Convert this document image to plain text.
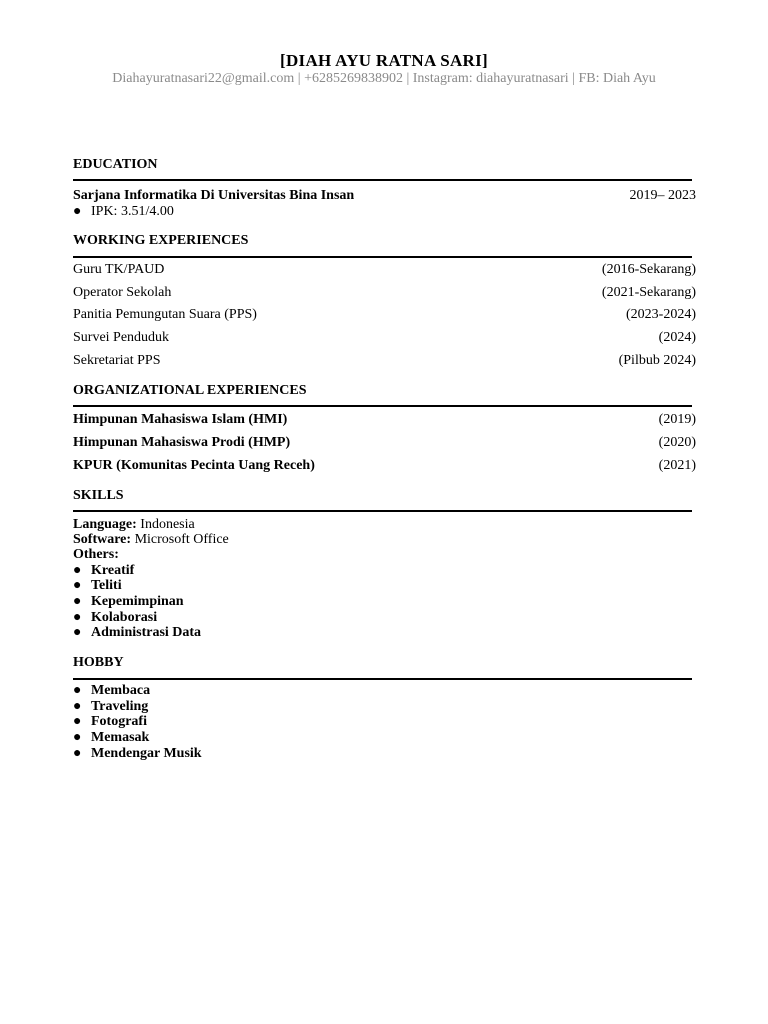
[DIAH AYU RATNA SARI]
Diahayuratnasari22@gmail.com | +6285269838902 | Instagram: diahayuratnasari | FB: Diah Ayu
EDUCATION
Sarjana Informatika Di Universitas Bina Insan	2019– 2023
● IPK: 3.51/4.00
WORKING EXPERIENCES
Guru TK/PAUD	(2016-Sekarang)
Operator Sekolah	(2021-Sekarang)
Panitia Pemungutan Suara (PPS)	(2023-2024)
Survei Penduduk	(2024)
Sekretariat PPS	(Pilbub 2024)
ORGANIZATIONAL EXPERIENCES
Himpunan Mahasiswa Islam (HMI)	(2019)
Himpunan Mahasiswa Prodi (HMP)	(2020)
KPUR (Komunitas Pecinta Uang Receh)	(2021)
SKILLS
Language: Indonesia
Software: Microsoft Office
Others:
● Kreatif
● Teliti
● Kepemimpinan
● Kolaborasi
● Administrasi Data
HOBBY
● Membaca
● Traveling
● Fotografi
● Memasak
● Mendengar Musik
